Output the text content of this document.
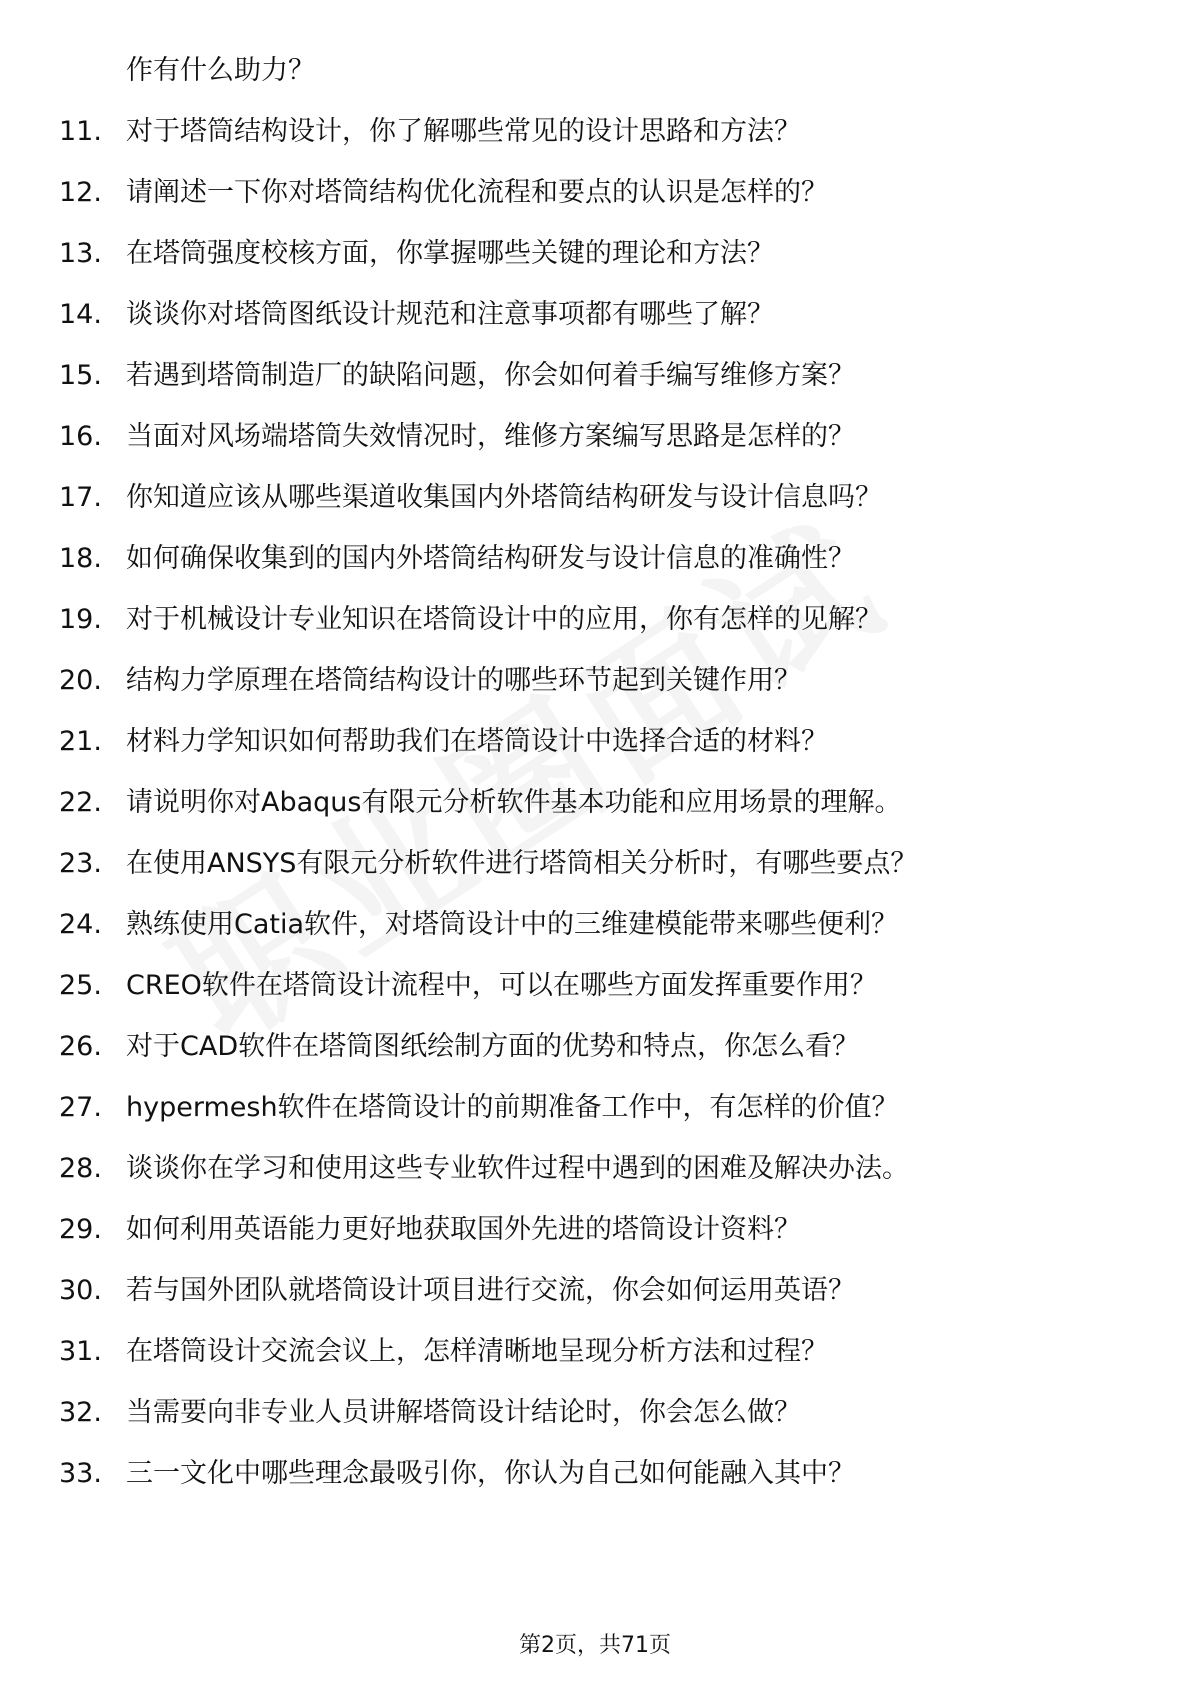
作有什么助力？
11. 对于塔筒结构设计，你了解哪些常见的设计思路和方法？
12. 请阐述一下你对塔筒结构优化流程和要点的认识是怎样的？
13. 在塔筒强度校核方面，你掌握哪些关键的理论和方法？
14. 谈谈你对塔筒图纸设计规范和注意事项都有哪些了解？
15. 若遇到塔筒制造厂的缺陷问题，你会如何着手编写维修方案？
16. 当面对风场端塔筒失效情况时，维修方案编写思路是怎样的？
17. 你知道应该从哪些渠道收集国内外塔筒结构研发与设计信息吗？
18. 如何确保收集到的国内外塔筒结构研发与设计信息的准确性？
19. 对于机械设计专业知识在塔筒设计中的应用，你有怎样的见解？
20. 结构力学原理在塔筒结构设计的哪些环节起到关键作用？
21. 材料力学知识如何帮助我们在塔筒设计中选择合适的材料？
22. 请说明你对Abaqus有限元分析软件基本功能和应用场景的理解。
23. 在使用ANSYS有限元分析软件进行塔筒相关分析时，有哪些要点？
24. 熟练使用Catia软件，对塔筒设计中的三维建模能带来哪些便利？
25. CREO软件在塔筒设计流程中，可以在哪些方面发挥重要作用？
26. 对于CAD软件在塔筒图纸绘制方面的优势和特点，你怎么看？
27. hypermesh软件在塔筒设计的前期准备工作中，有怎样的价值？
28. 谈谈你在学习和使用这些专业软件过程中遇到的困难及解决办法。
29. 如何利用英语能力更好地获取国外先进的塔筒设计资料？
30. 若与国外团队就塔筒设计项目进行交流，你会如何运用英语？
31. 在塔筒设计交流会议上，怎样清晰地呈现分析方法和过程？
32. 当需要向非专业人员讲解塔筒设计结论时，你会怎么做？
33. 三一文化中哪些理念最吸引你，你认为自己如何能融入其中？
第2页，共71页
